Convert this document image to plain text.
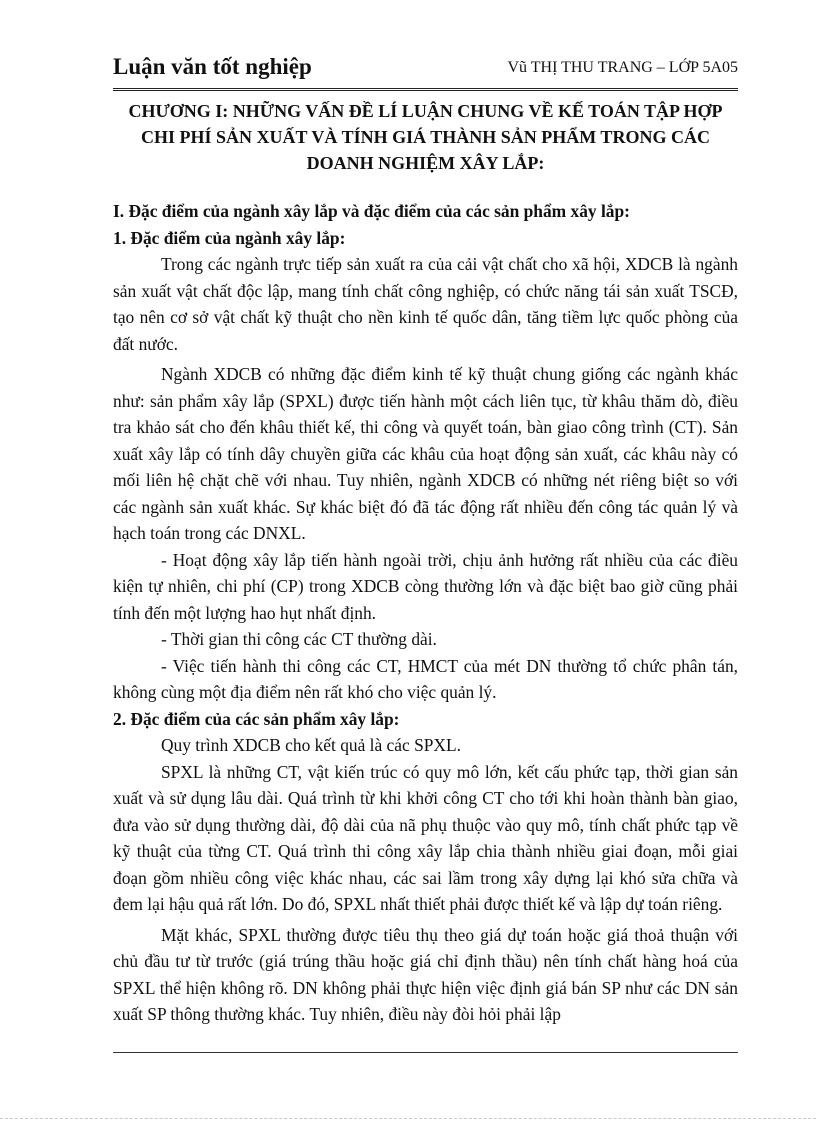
Luận văn tốt nghiệp	Vũ THỊ THU TRANG – LỚP 5A05
CHƯƠNG I: NHỮNG VẤN ĐỀ LÍ LUẬN CHUNG VỀ KẾ TOÁN TẬP HỢP CHI PHÍ SẢN XUẤT VÀ TÍNH GIÁ THÀNH SẢN PHẨM TRONG CÁC DOANH NGHIỆM XÂY LẮP:
I. Đặc điểm của ngành xây lắp và đặc điểm của các sản phẩm xây lắp:
1. Đặc điểm của ngành xây lắp:

Trong các ngành trực tiếp sản xuất ra của cải vật chất cho xã hội, XDCB là ngành sản xuất vật chất độc lập, mang tính chất công nghiệp, có chức năng tái sản xuất TSCĐ, tạo nên cơ sở vật chất kỹ thuật cho nền kinh tế quốc dân, tăng tiềm lực quốc phòng của đất nước.

Ngành XDCB có những đặc điểm kinh tế kỹ thuật chung giống các ngành khác như: sản phẩm xây lắp (SPXL) được tiến hành một cách liên tục, từ khâu thăm dò, điều tra khảo sát cho đến khâu thiết kế, thi công và quyết toán, bàn giao công trình (CT). Sản xuất xây lắp có tính dây chuyền giữa các khâu của hoạt động sản xuất, các khâu này có mối liên hệ chặt chẽ với nhau. Tuy nhiên, ngành XDCB có những nét riêng biệt so với các ngành sản xuất khác. Sự khác biệt đó đã tác động rất nhiều đến công tác quản lý và hạch toán trong các DNXL.

- Hoạt động xây lắp tiến hành ngoài trời, chịu ảnh hưởng rất nhiều của các điều kiện tự nhiên, chi phí (CP) trong XDCB còng thường lớn và đặc biệt bao giờ cũng phải tính đến một lượng hao hụt nhất định.

- Thời gian thi công các CT thường dài.

- Việc tiến hành thi công các CT, HMCT của mét DN thường tổ chức phân tán, không cùng một địa điểm nên rất khó cho việc quản lý.

2. Đặc điểm của các sản phẩm xây lắp:

Quy trình XDCB cho kết quả là các SPXL.

SPXL là những CT, vật kiến trúc có quy mô lớn, kết cấu phức tạp, thời gian sản xuất và sử dụng lâu dài. Quá trình từ khi khởi công CT cho tới khi hoàn thành bàn giao, đưa vào sử dụng thường dài, độ dài của nã phụ thuộc vào quy mô, tính chất phức tạp về kỹ thuật của từng CT. Quá trình thi công xây lắp chia thành nhiều giai đoạn, mỗi giai đoạn gồm nhiều công việc khác nhau, các sai lầm trong xây dựng lại khó sửa chữa và đem lại hậu quả rất lớn. Do đó, SPXL nhất thiết phải được thiết kế và lập dự toán riêng.

Mặt khác, SPXL thường được tiêu thụ theo giá dự toán hoặc giá thoả thuận với chủ đầu tư từ trước (giá trúng thầu hoặc giá chỉ định thầu) nên tính chất hàng hoá của SPXL thể hiện không rõ. DN không phải thực hiện việc định giá bán SP như các DN sản xuất SP thông thường khác. Tuy nhiên, điều này đòi hỏi phải lập
